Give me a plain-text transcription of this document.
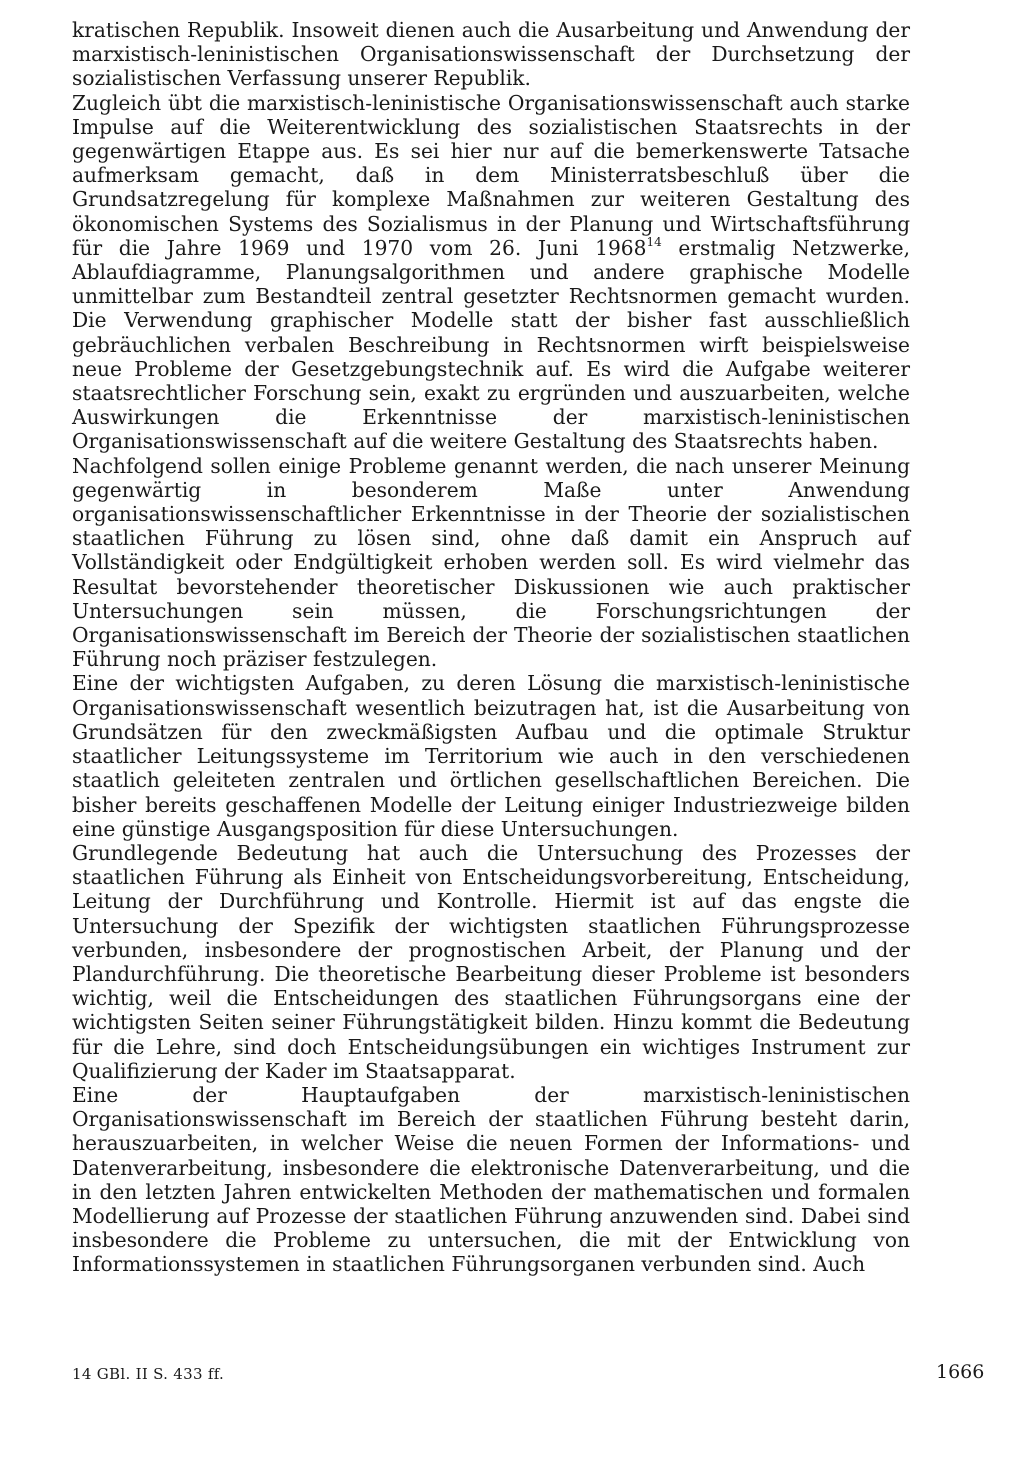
kratischen Republik. Insoweit dienen auch die Ausarbeitung und Anwendung der marxistisch-leninistischen Organisationswissenschaft der Durchsetzung der sozialistischen Verfassung unserer Republik.

Zugleich übt die marxistisch-leninistische Organisationswissenschaft auch starke Impulse auf die Weiterentwicklung des sozialistischen Staatsrechts in der gegenwärtigen Etappe aus. Es sei hier nur auf die bemerkenswerte Tatsache aufmerksam gemacht, daß in dem Ministerratsbeschluß über die Grundsatzregelung für komplexe Maßnahmen zur weiteren Gestaltung des ökonomischen Systems des Sozialismus in der Planung und Wirtschaftsführung für die Jahre 1969 und 1970 vom 26. Juni 1968$^{14}$ erstmalig Netzwerke, Ablaufdiagramme, Planungsalgorithmen und andere graphische Modelle unmittelbar zum Bestandteil zentral gesetzter Rechtsnormen gemacht wurden. Die Verwendung graphischer Modelle statt der bisher fast ausschließlich gebräuchlichen verbalen Beschreibung in Rechtsnormen wirft beispielsweise neue Probleme der Gesetzgebungstechnik auf. Es wird die Aufgabe weiterer staatsrechtlicher Forschung sein, exakt zu ergründen und auszuarbeiten, welche Auswirkungen die Erkenntnisse der marxistisch-leninistischen Organisationswissenschaft auf die weitere Gestaltung des Staatsrechts haben.

Nachfolgend sollen einige Probleme genannt werden, die nach unserer Meinung gegenwärtig in besonderem Maße unter Anwendung organisationswissenschaftlicher Erkenntnisse in der Theorie der sozialistischen staatlichen Führung zu lösen sind, ohne daß damit ein Anspruch auf Vollständigkeit oder Endgültigkeit erhoben werden soll. Es wird vielmehr das Resultat bevorstehender theoretischer Diskussionen wie auch praktischer Untersuchungen sein müssen, die Forschungsrichtungen der Organisationswissenschaft im Bereich der Theorie der sozialistischen staatlichen Führung noch präziser festzulegen.

Eine der wichtigsten Aufgaben, zu deren Lösung die marxistisch-leninistische Organisationswissenschaft wesentlich beizutragen hat, ist die Ausarbeitung von Grundsätzen für den zweckmäßigsten Aufbau und die optimale Struktur staatlicher Leitungssysteme im Territorium wie auch in den verschiedenen staatlich geleiteten zentralen und örtlichen gesellschaftlichen Bereichen. Die bisher bereits geschaffenen Modelle der Leitung einiger Industriezweige bilden eine günstige Ausgangsposition für diese Untersuchungen.

Grundlegende Bedeutung hat auch die Untersuchung des Prozesses der staatlichen Führung als Einheit von Entscheidungsvorbereitung, Entscheidung, Leitung der Durchführung und Kontrolle. Hiermit ist auf das engste die Untersuchung der Spezifik der wichtigsten staatlichen Führungsprozesse verbunden, insbesondere der prognostischen Arbeit, der Planung und der Plandurchführung. Die theoretische Bearbeitung dieser Probleme ist besonders wichtig, weil die Entscheidungen des staatlichen Führungsorgans eine der wichtigsten Seiten seiner Führungstätigkeit bilden. Hinzu kommt die Bedeutung für die Lehre, sind doch Entscheidungsübungen ein wichtiges Instrument zur Qualifizierung der Kader im Staatsapparat.

Eine der Hauptaufgaben der marxistisch-leninistischen Organisationswissenschaft im Bereich der staatlichen Führung besteht darin, herauszuarbeiten, in welcher Weise die neuen Formen der Informations- und Datenverarbeitung, insbesondere die elektronische Datenverarbeitung, und die in den letzten Jahren entwickelten Methoden der mathematischen und formalen Modellierung auf Prozesse der staatlichen Führung anzuwenden sind. Dabei sind insbesondere die Probleme zu untersuchen, die mit der Entwicklung von Informationssystemen in staatlichen Führungsorganen verbunden sind. Auch

14 GBl. II S. 433 ff.	1666
